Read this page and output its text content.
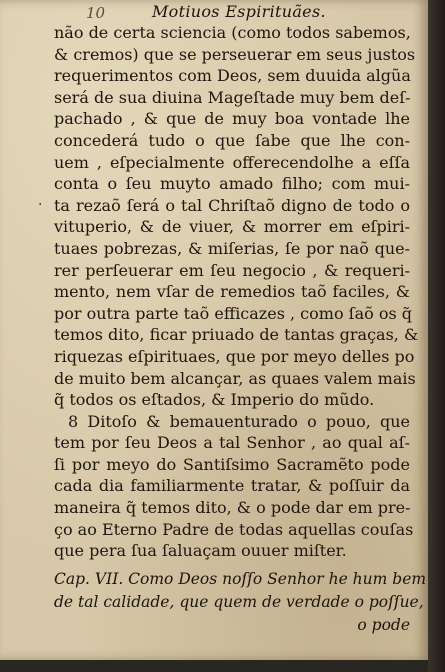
10	Motiuos Espirituães.
·
não de certa sciencia (como todos sabemos,
& cremos) que se perseuerar em seus justos
requerimentos com Deos, sem duuida algũa
será de sua diuina Mageſtade muy bem deſ-
pachado , & que de muy boa vontade lhe
concederá tudo o que ſabe que lhe con-
uem , eſpecialmente offerecendolhe a eſſa
conta o ſeu muyto amado filho; com mui-
ta rezaõ ſerá o tal Chriſtaõ digno de todo o
vituperio, & de viuer, & morrer em eſpiri-
tuaes pobrezas, & miſerias, ſe por naõ que-
rer perſeuerar em ſeu negocio , & requeri-
mento, nem vſar de remedios taõ faciles, &
por outra parte taõ efficazes , como ſaõ os q̃
temos dito, ficar priuado de tantas graças, &
riquezas eſpirituaes, que por meyo delles po
de muito bem alcançar, as quaes valem mais
q̃ todos os eſtados, & Imperio do mũdo.
8 Ditoſo & bemauenturado o pouo, que
tem por ſeu Deos a tal Senhor , ao qual aſ-
ſi por meyo do Santiſsimo Sacramẽto pode
cada dia familiarmente tratar, & poſſuir da
maneira q̃ temos dito, & o pode dar em pre-
ço ao Eterno Padre de todas aquellas couſas
que pera ſua ſaluaçam ouuer miſter.
Cap. VII. Como Deos noſſo Senhor he hum bem
de tal calidade, que quem de verdade o poſſue,
o pode
